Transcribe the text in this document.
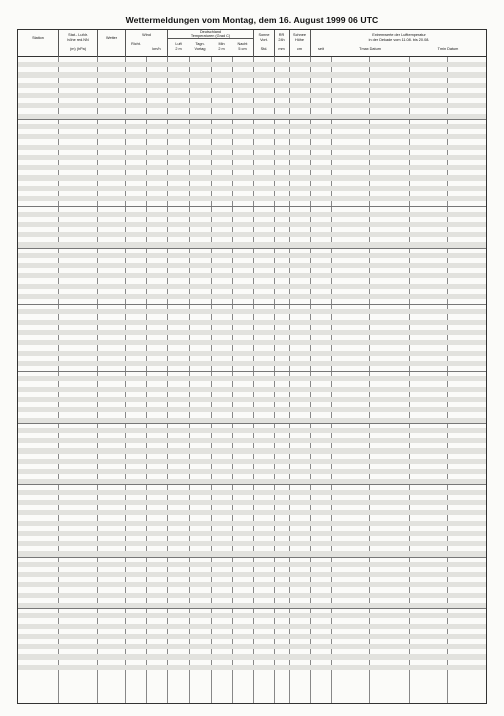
Wettermeldungen vom Montag, dem 16. August 1999 06 UTC
Station
Stat.- Lufdr.
höhe red.NN
(m) (hPa)
Wetter
Wind
Richt.
km/h
Deutschland
Temperaturen (Grad C)
Luft
2 m
Tagn.
Vortag
Min
2 m
Nacht
5 cm
Sonne
Vort.
Std.
RR
24h
mm
Schnee
Höhe
cm
Extremwerte der Lufttemperatur
in der Dekade vom 11.08. bis 20.08.
seit	Tmax Datum	Tmin Datum
